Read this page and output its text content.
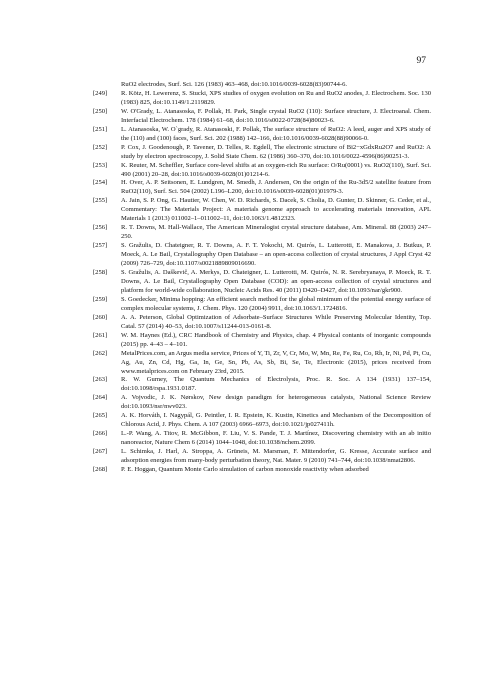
97

RuO2 electrodes, Surf. Sci. 126 (1983) 463–468, doi:10.1016/0039-6028(83)90744-6.

[249] R. Kötz, H. Lewerenz, S. Stucki, XPS studies of oxygen evolution on Ru and RuO2 anodes, J. Electrochem. Soc. 130 (1983) 825, doi:10.1149/1.2119829.

[250] W. O'Grady, L. Atanasoska, F. Pollak, H. Park, Single crystal RuO2 (110): Surface structure, J. Electroanal. Chem. Interfacial Electrochem. 178 (1984) 61–68, doi:10.1016/s0022-0728(84)80023-6.

[251] L. Atanasoska, W. O`grady, R. Atanasoski, F. Pollak, The surface structure of RuO2: A leed, auger and XPS study of the (110) and (100) faces, Surf. Sci. 202 (1988) 142–166, doi:10.1016/0039-6028(88)90066-0.

[252] P. Cox, J. Goodenough, P. Tavener, D. Telles, R. Egdell, The electronic structure of Bi2−xGdxRu2O7 and RuO2: A study by electron spectroscopy, J. Solid State Chem. 62 (1986) 360–370, doi:10.1016/0022-4596(86)90251-3.

[253] K. Reuter, M. Scheffler, Surface core-level shifts at an oxygen-rich Ru surface: O/Ru(0001) vs. RuO2(110), Surf. Sci. 490 (2001) 20–28, doi:10.1016/s0039-6028(01)01214-6.

[254] H. Over, A. P. Seitsonen, E. Lundgren, M. Smedh, J. Andersen, On the origin of the Ru-3d5/2 satellite feature from RuO2(110), Surf. Sci. 504 (2002) L196–L200, doi:10.1016/s0039-6028(01)01979-3.

[255] A. Jain, S. P. Ong, G. Hautier, W. Chen, W. D. Richards, S. Dacek, S. Cholia, D. Gunter, D. Skinner, G. Ceder, et al., Commentary: The Materials Project: A materials genome approach to accelerating materials innovation, APL Materials 1 (2013) 011002–1–011002–11, doi:10.1063/1.4812323.

[256] R. T. Downs, M. Hall-Wallace, The American Mineralogist crystal structure database, Am. Mineral. 88 (2003) 247–250.

[257] S. Gražulis, D. Chateigner, R. T. Downs, A. F. T. Yokochi, M. Quirós, L. Lutterotti, E. Manakova, J. Butkus, P. Moeck, A. Le Bail, Crystallography Open Database – an open-access collection of crystal structures, J Appl Cryst 42 (2009) 726–729, doi:10.1107/s0021889809016690.

[258] S. Gražulis, A. Daškevič, A. Merkys, D. Chateigner, L. Lutterotti, M. Quirós, N. R. Serebryanaya, P. Moeck, R. T. Downs, A. Le Bail, Crystallography Open Database (COD): an open-access collection of crystal structures and platform for world-wide collaboration, Nucleic Acids Res. 40 (2011) D420–D427, doi:10.1093/nar/gkr900.

[259] S. Goedecker, Minima hopping: An efficient search method for the global minimum of the potential energy surface of complex molecular systems, J. Chem. Phys. 120 (2004) 9911, doi:10.1063/1.1724816.

[260] A. A. Peterson, Global Optimization of Adsorbate–Surface Structures While Preserving Molecular Identity, Top. Catal. 57 (2014) 40–53, doi:10.1007/s11244-013-0161-8.

[261] W. M. Haynes (Ed.), CRC Handbook of Chemistry and Physics, chap. 4 Physical contants of inorganic compounds (2015) pp. 4–43 – 4–101.

[262] MetalPrices.com, an Argus media service, Prices of Y, Ti, Zr, V, Cr, Mo, W, Mn, Re, Fe, Ru, Co, Rh, Ir, Ni, Pd, Pt, Cu, Ag, Au, Zn, Cd, Hg, Ga, In, Ge, Sn, Pb, As, Sb, Bi, Se, Te, Electronic (2015), prices received from www.metalprices.com on February 23rd, 2015.

[263] R. W. Gurney, The Quantum Mechanics of Electrolysis, Proc. R. Soc. A 134 (1931) 137–154, doi:10.1098/rspa.1931.0187.

[264] A. Vojvodic, J. K. Nørskov, New design paradigm for heterogeneous catalysts, National Science Review doi:10.1093/nsr/nwv023.

[265] A. K. Horváth, I. Nagypál, G. Peintler, I. R. Epstein, K. Kustin, Kinetics and Mechanism of the Decomposition of Chlorous Acid, J. Phys. Chem. A 107 (2003) 6966–6973, doi:10.1021/jp027411h.

[266] L.-P. Wang, A. Titov, R. McGibbon, F. Liu, V. S. Pande, T. J. Martínez, Discovering chemistry with an ab initio nanoreactor, Nature Chem 6 (2014) 1044–1048, doi:10.1038/nchem.2099.

[267] L. Schimka, J. Harl, A. Stroppa, A. Grüneis, M. Marsman, F. Mittendorfer, G. Kresse, Accurate surface and adsorption energies from many-body perturbation theory, Nat. Mater. 9 (2010) 741–744, doi:10.1038/nmat2806.

[268] P. E. Hoggan, Quantum Monte Carlo simulation of carbon monoxide reactivity when adsorbed
